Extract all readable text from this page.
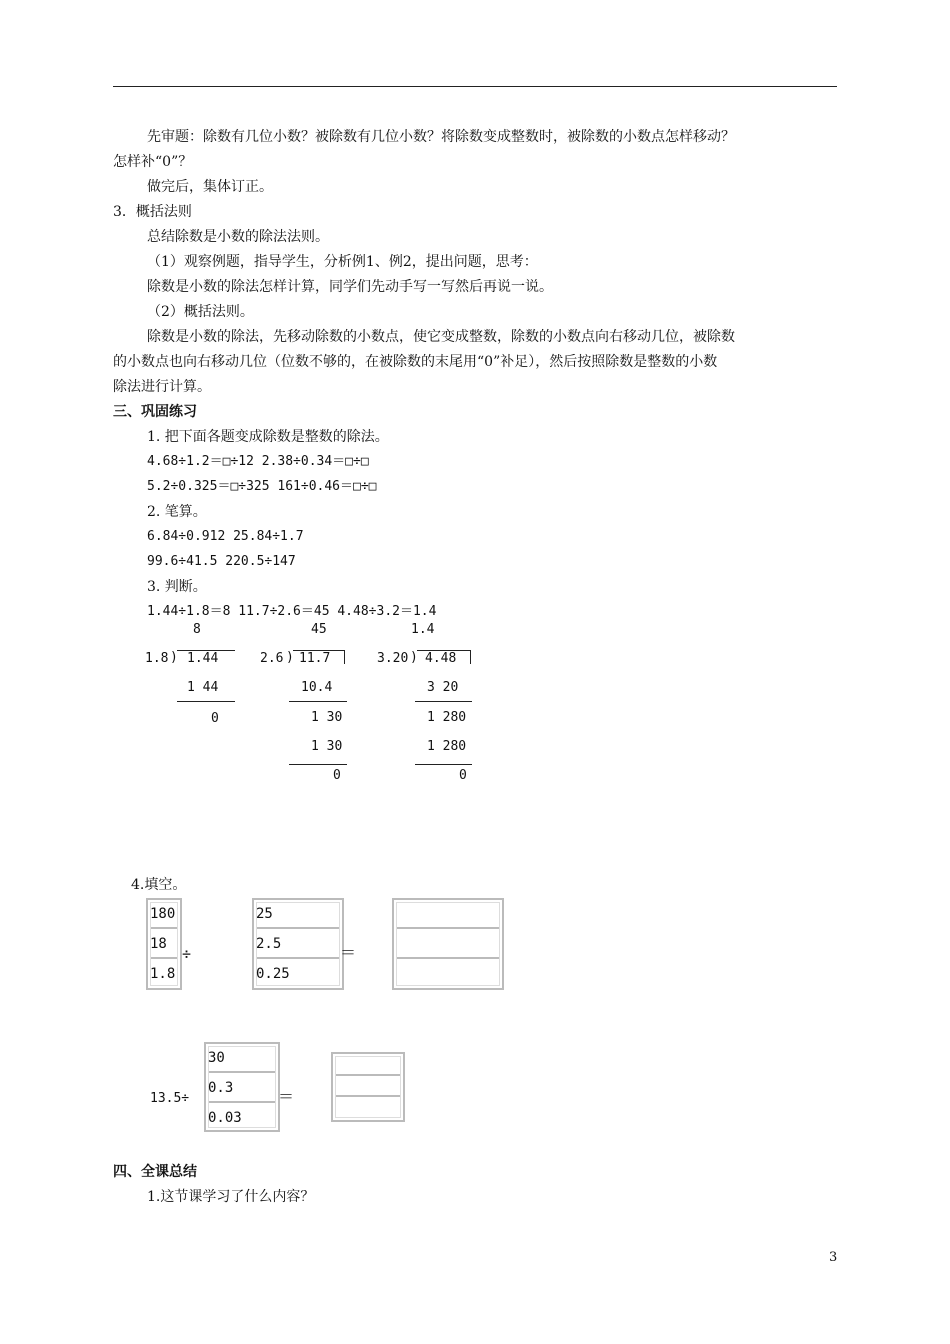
先审题：除数有几位小数？被除数有几位小数？将除数变成整数时，被除数的小数点怎样移动？
怎样补“0”？
做完后，集体订正。
3．概括法则
总结除数是小数的除法法则。
（1）观察例题，指导学生，分析例1、例2，提出问题，思考：
除数是小数的除法怎样计算，同学们先动手写一写然后再说一说。
（2）概括法则。
除数是小数的除法，先移动除数的小数点，使它变成整数，除数的小数点向右移动几位，被除数
的小数点也向右移动几位（位数不够的，在被除数的末尾用“0”补足），然后按照除数是整数的小数
除法进行计算。
三、巩固练习
1. 把下面各题变成除数是整数的除法。
4.68÷1.2＝□÷12 2.38÷0.34＝□÷□
5.2÷0.325＝□÷325 161÷0.46＝□÷□
2. 笔算。
6.84÷0.912 25.84÷1.7
99.6÷41.5 220.5÷147
3. 判断。
1.44÷1.8＝8 11.7÷2.6＝45 4.48÷3.2＝1.4
8
1.8 ) 1.44
1 44
0
45
2.6 ) 11.7
10.4
1 30
1 30
0
1.4
3.20 ) 4.48
3 20
1 280
1 280
0
4.填空。
180
18
1.8
÷
25
2.5
0.25
＝
13.5÷
30
0.3
0.03
＝
四、全课总结
1.这节课学习了什么内容？
3
